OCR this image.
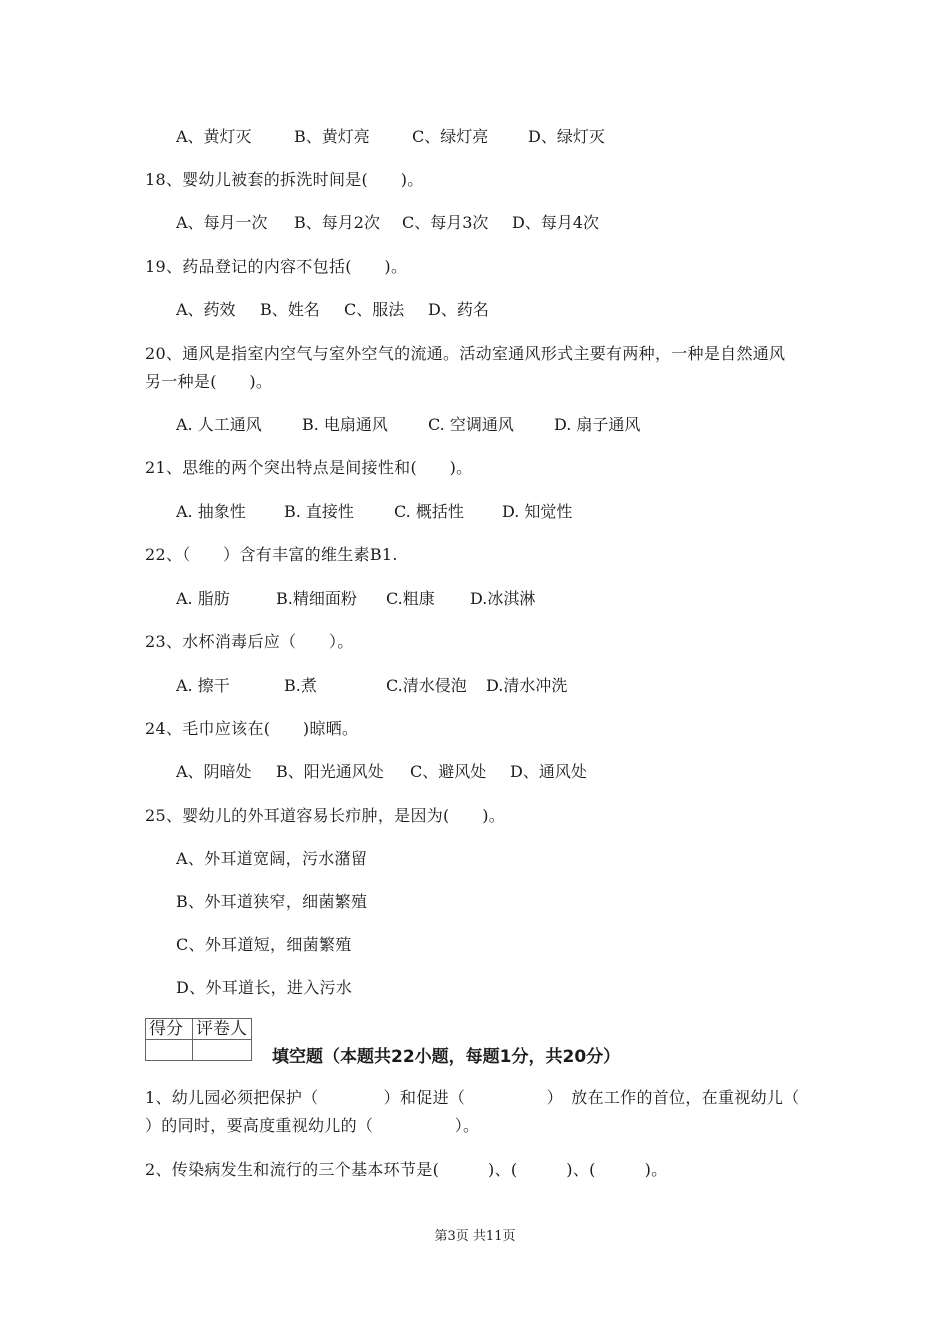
A、黄灯灭	B、黄灯亮	C、绿灯亮 D、绿灯灭
18、婴幼儿被套的拆洗时间是(　　)。
A、每月一次 B、每月2次 C、每月3次 D、每月4次
19、药品登记的内容不包括(　　)。
A、药效 B、姓名 C、服法 D、药名
20、通风是指室内空气与室外空气的流通。活动室通风形式主要有两种，一种是自然通风
另一种是(　　)。
A. 人工通风	B. 电扇通风	C. 空调通风	D. 扇子通风
21、思维的两个突出特点是间接性和(　　)。
A. 抽象性 B. 直接性	C. 概括性 D. 知觉性
22、（　　）含有丰富的维生素B1.
A. 脂肪	B.精细面粉 C.粗康 D.冰淇淋
23、水杯消毒后应（　　）。
A. 擦干	B.煮	C.清水侵泡 D.清水冲洗
24、毛巾应该在(　　)晾晒。
A、阴暗处 B、阳光通风处 C、避风处 D、通风处
25、婴幼儿的外耳道容易长疖肿，是因为(　　)。
A、外耳道宽阔，污水潴留
B、外耳道狭窄，细菌繁殖
C、外耳道短，细菌繁殖
D、外耳道长，进入污水
得分	评卷人

填空题（本题共22小题，每题1分，共20分）
1、幼儿园必须把保护（　　　　）和促进（　　　　　）　放在工作的首位，在重视幼儿（
）的同时，要高度重视幼儿的（　　　　　）。
2、传染病发生和流行的三个基本环节是(　　　)、(　　　)、(　　　)。
第3页 共11页
